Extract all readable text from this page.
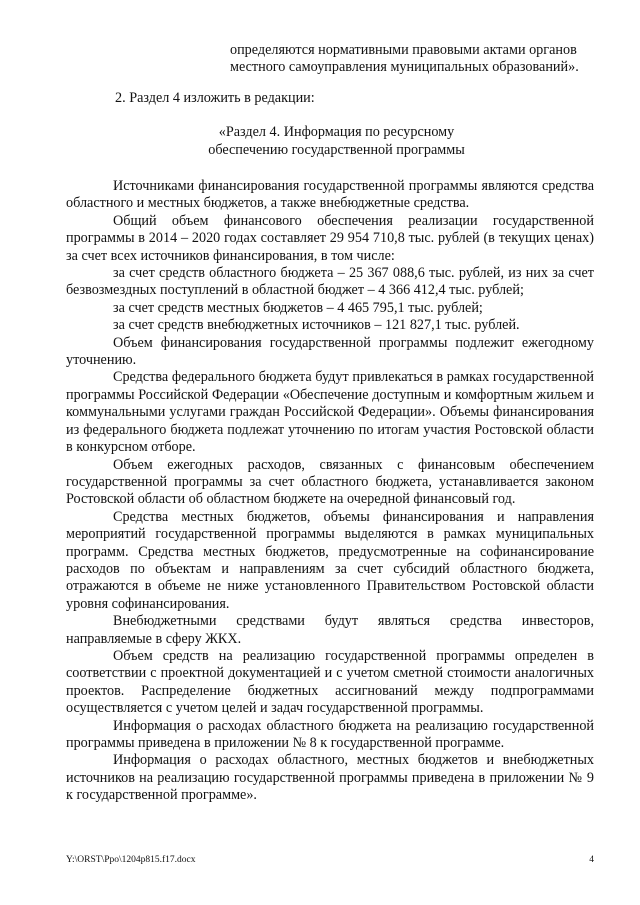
определяются нормативными правовыми актами органов
местного самоуправления муниципальных образований».
2. Раздел 4 изложить в редакции:
«Раздел 4. Информация по ресурсному
обеспечению государственной программы

Источниками финансирования государственной программы являются средства областного и местных бюджетов, а также внебюджетные средства.

Общий объем финансового обеспечения реализации государственной программы в 2014 – 2020 годах составляет 29 954 710,8 тыс. рублей (в текущих ценах) за счет всех источников финансирования, в том числе:

за счет средств областного бюджета – 25 367 088,6 тыс. рублей, из них за счет безвозмездных поступлений в областной бюджет – 4 366 412,4 тыс. рублей;

за счет средств местных бюджетов – 4 465 795,1 тыс. рублей;

за счет средств внебюджетных источников – 121 827,1 тыс. рублей.

Объем финансирования государственной программы подлежит ежегодному уточнению.

Средства федерального бюджета будут привлекаться в рамках государственной программы Российской Федерации «Обеспечение доступным и комфортным жильем и коммунальными услугами граждан Российской Федерации». Объемы финансирования из федерального бюджета подлежат уточнению по итогам участия Ростовской области в конкурсном отборе.

Объем ежегодных расходов, связанных с финансовым обеспечением государственной программы за счет областного бюджета, устанавливается законом Ростовской области об областном бюджете на очередной финансовый год.

Средства местных бюджетов, объемы финансирования и направления мероприятий государственной программы выделяются в рамках муниципальных программ. Средства местных бюджетов, предусмотренные на софинансирование расходов по объектам и направлениям за счет субсидий областного бюджета, отражаются в объеме не ниже установленного Правительством Ростовской области уровня софинансирования.

Внебюджетными средствами будут являться средства инвесторов, направляемые в сферу ЖКХ.

Объем средств на реализацию государственной программы определен в соответствии с проектной документацией и с учетом сметной стоимости аналогичных проектов. Распределение бюджетных ассигнований между подпрограммами осуществляется с учетом целей и задач государственной программы.

Информация о расходах областного бюджета на реализацию государственной программы приведена в приложении № 8 к государственной программе.

Информация о расходах областного, местных бюджетов и внебюджетных источников на реализацию государственной программы приведена в приложении № 9 к государственной программе».

Y:\ORST\Ppo\1204p815.f17.docx	4
